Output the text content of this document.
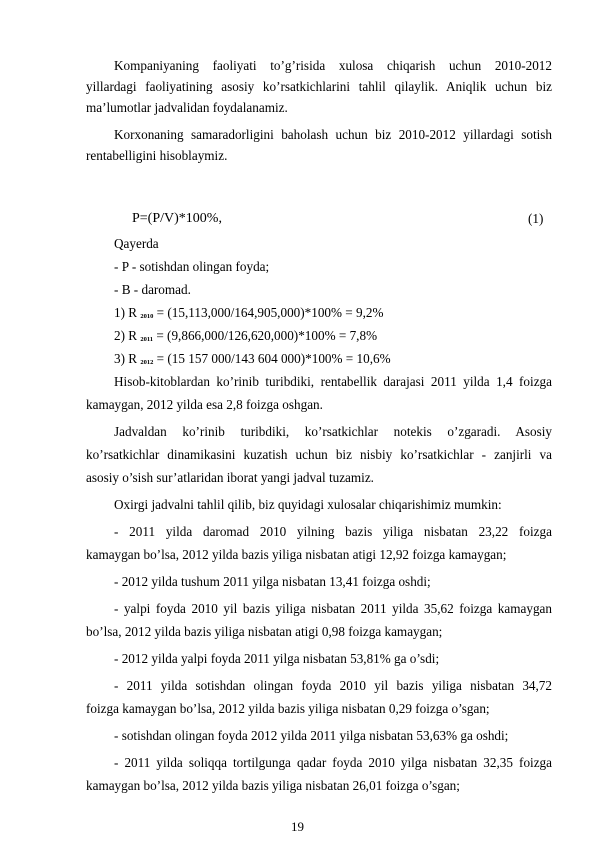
Kompaniyaning faoliyati to’g’risida xulosa chiqarish uchun 2010-2012

yillardagi faoliyatining asosiy ko’rsatkichlarini tahlil qilaylik. Aniqlik uchun biz

ma’lumotlar jadvalidan foydalanamiz.

Korxonaning samaradorligini baholash uchun biz 2010-2012 yillardagi sotish

rentabelligini hisoblaymiz.

P=(P/V)*100%,	(1)

Qayerda

- P - sotishdan olingan foyda;

- B - daromad.

1) R $_{2010}$ = (15,113,000/164,905,000)*100% = 9,2%

2) R $_{2011}$ = (9,866,000/126,620,000)*100% = 7,8%

3) R $_{2012}$ = (15 157 000/143 604 000)*100% = 10,6%

Hisob-kitoblardan ko’rinib turibdiki, rentabellik darajasi 2011 yilda 1,4 foizga

kamaygan, 2012 yilda esa 2,8 foizga oshgan.

Jadvaldan ko’rinib turibdiki, ko’rsatkichlar notekis o’zgaradi. Asosiy

ko’rsatkichlar dinamikasini kuzatish uchun biz nisbiy ko’rsatkichlar - zanjirli va

asosiy o’sish sur’atlaridan iborat yangi jadval tuzamiz.

Oxirgi jadvalni tahlil qilib, biz quyidagi xulosalar chiqarishimiz mumkin:

- 2011 yilda daromad 2010 yilning bazis yiliga nisbatan 23,22 foizga

kamaygan bo’lsa, 2012 yilda bazis yiliga nisbatan atigi 12,92 foizga kamaygan;

- 2012 yilda tushum 2011 yilga nisbatan 13,41 foizga oshdi;

- yalpi foyda 2010 yil bazis yiliga nisbatan 2011 yilda 35,62 foizga kamaygan

bo’lsa, 2012 yilda bazis yiliga nisbatan atigi 0,98 foizga kamaygan;

- 2012 yilda yalpi foyda 2011 yilga nisbatan 53,81% ga o’sdi;

- 2011 yilda sotishdan olingan foyda 2010 yil bazis yiliga nisbatan 34,72

foizga kamaygan bo’lsa, 2012 yilda bazis yiliga nisbatan 0,29 foizga o’sgan;

- sotishdan olingan foyda 2012 yilda 2011 yilga nisbatan 53,63% ga oshdi;

- 2011 yilda soliqqa tortilgunga qadar foyda 2010 yilga nisbatan 32,35 foizga

kamaygan bo’lsa, 2012 yilda bazis yiliga nisbatan 26,01 foizga o’sgan;

19
